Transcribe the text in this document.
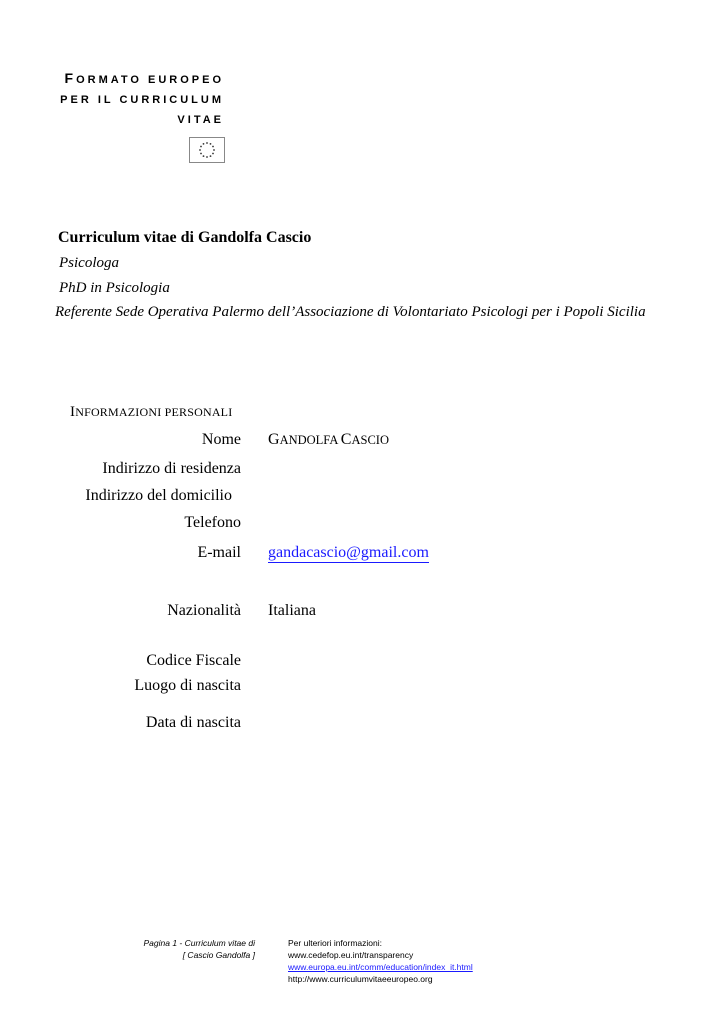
FORMATO EUROPEO
PER IL CURRICULUM
VITAE
Curriculum vitae di Gandolfa Cascio
Psicologa
PhD in Psicologia
Referente Sede Operativa Palermo dell’Associazione di Volontariato Psicologi per i Popoli Sicilia
INFORMAZIONI PERSONALI
Nome GANDOLFA CASCIO
Indirizzo di residenza
Indirizzo del domicilio
Telefono
E-mail gandacascio@gmail.com
Nazionalità Italiana
Codice Fiscale
Luogo di nascita
Data di nascita
Pagina 1 - Curriculum vitae di
[ Cascio Gandolfa ]
Per ulteriori informazioni:
www.cedefop.eu.int/transparency
www.europa.eu.int/comm/education/index_it.html
http://www.curriculumvitaeeuropeo.org
